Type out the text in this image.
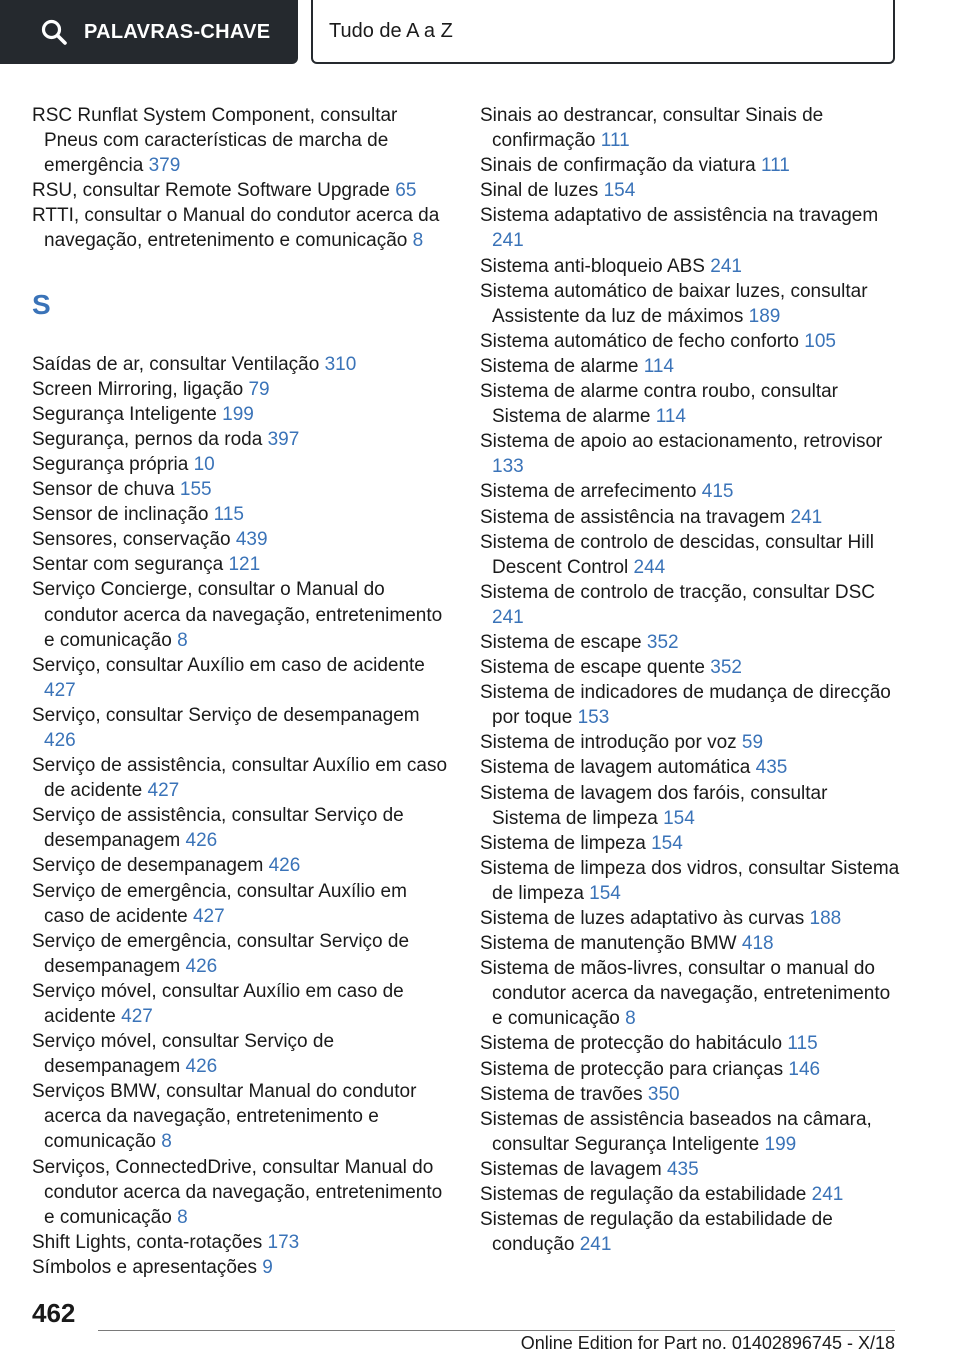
PALAVRAS-CHAVE	Tudo de A a Z
RSC Runflat System Component, consultar Pneus com características de marcha de emergência 379
RSU, consultar Remote Software Upgrade 65
RTTI, consultar o Manual do condutor acerca da navegação, entretenimento e comunicação 8
S
Saídas de ar, consultar Ventilação 310
Screen Mirroring, ligação 79
Segurança Inteligente 199
Segurança, pernos da roda 397
Segurança própria 10
Sensor de chuva 155
Sensor de inclinação 115
Sensores, conservação 439
Sentar com segurança 121
Serviço Concierge, consultar o Manual do condutor acerca da navegação, entretenimento e comunicação 8
Serviço, consultar Auxílio em caso de acidente 427
Serviço, consultar Serviço de desempanagem 426
Serviço de assistência, consultar Auxílio em caso de acidente 427
Serviço de assistência, consultar Serviço de desempanagem 426
Serviço de desempanagem 426
Serviço de emergência, consultar Auxílio em caso de acidente 427
Serviço de emergência, consultar Serviço de desempanagem 426
Serviço móvel, consultar Auxílio em caso de acidente 427
Serviço móvel, consultar Serviço de desempanagem 426
Serviços BMW, consultar Manual do condutor acerca da navegação, entretenimento e comunicação 8
Serviços, ConnectedDrive, consultar Manual do condutor acerca da navegação, entretenimento e comunicação 8
Shift Lights, conta-rotações 173
Símbolos e apresentações 9
Sinais ao destrancar, consultar Sinais de confirmação 111
Sinais de confirmação da viatura 111
Sinal de luzes 154
Sistema adaptativo de assistência na travagem 241
Sistema anti-bloqueio ABS 241
Sistema automático de baixar luzes, consultar Assistente da luz de máximos 189
Sistema automático de fecho conforto 105
Sistema de alarme 114
Sistema de alarme contra roubo, consultar Sistema de alarme 114
Sistema de apoio ao estacionamento, retrovisor 133
Sistema de arrefecimento 415
Sistema de assistência na travagem 241
Sistema de controlo de descidas, consultar Hill Descent Control 244
Sistema de controlo de tracção, consultar DSC 241
Sistema de escape 352
Sistema de escape quente 352
Sistema de indicadores de mudança de direcção por toque 153
Sistema de introdução por voz 59
Sistema de lavagem automática 435
Sistema de lavagem dos faróis, consultar Sistema de limpeza 154
Sistema de limpeza 154
Sistema de limpeza dos vidros, consultar Sistema de limpeza 154
Sistema de luzes adaptativo às curvas 188
Sistema de manutenção BMW 418
Sistema de mãos-livres, consultar o manual do condutor acerca da navegação, entretenimento e comunicação 8
Sistema de protecção do habitáculo 115
Sistema de protecção para crianças 146
Sistema de travões 350
Sistemas de assistência baseados na câmara, consultar Segurança Inteligente 199
Sistemas de lavagem 435
Sistemas de regulação da estabilidade 241
Sistemas de regulação da estabilidade de condução 241
462
Online Edition for Part no. 01402896745 - X/18
